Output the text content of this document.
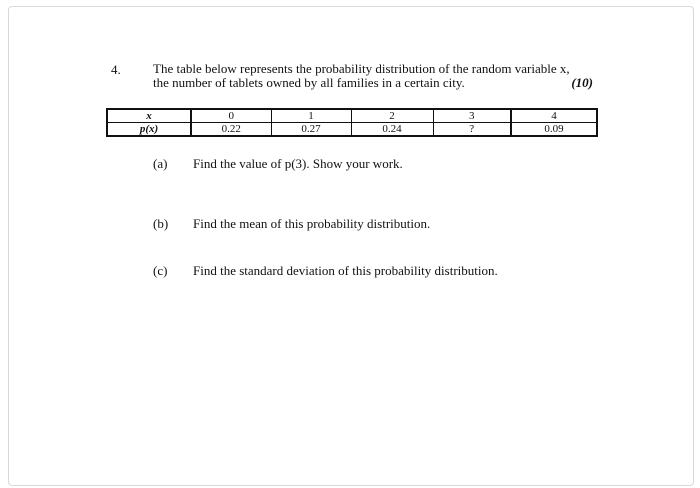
4. The table below represents the probability distribution of the random variable x,
the number of tablets owned by all families in a certain city.	(10)
x	0	1	2	3	4
p(x)	0.22	0.27	0.24	?	0.09
(a) Find the value of p(3). Show your work.
(b) Find the mean of this probability distribution.
(c) Find the standard deviation of this probability distribution.
